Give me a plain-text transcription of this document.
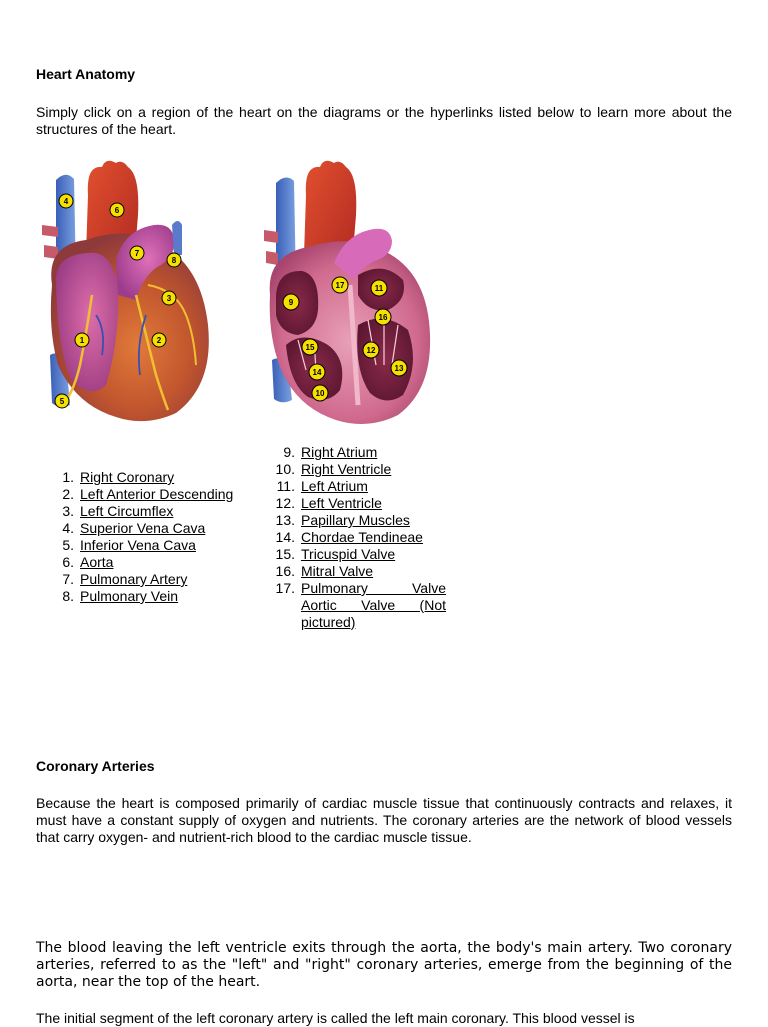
Heart Anatomy

Simply click on a region of the heart on the diagrams or the hyperlinks listed below to learn more about the structures of the heart.

4
6
7
8
3
1	2
5
17	11
9
16
15	12
13
14
10
1. Right Coronary
2. Left Anterior Descending
3. Left Circumflex
4. Superior Vena Cava
5. Inferior Vena Cava
6. Aorta
7. Pulmonary Artery
8. Pulmonary Vein
9. Right Atrium
10. Right Ventricle
11. Left Atrium
12. Left Ventricle
13. Papillary Muscles
14. Chordae Tendineae
15. Tricuspid Valve
16. Mitral Valve
17. Pulmonary Valve
Aortic Valve (Not
pictured)
Coronary Arteries

Because the heart is composed primarily of cardiac muscle tissue that continuously contracts and relaxes, it must have a constant supply of oxygen and nutrients. The coronary arteries are the network of blood vessels that carry oxygen- and nutrient-rich blood to the cardiac muscle tissue.

The blood leaving the left ventricle exits through the aorta, the body's main artery. Two coronary arteries, referred to as the "left" and "right" coronary arteries, emerge from the beginning of the aorta, near the top of the heart.

The initial segment of the left coronary artery is called the left main coronary. This blood vessel is
